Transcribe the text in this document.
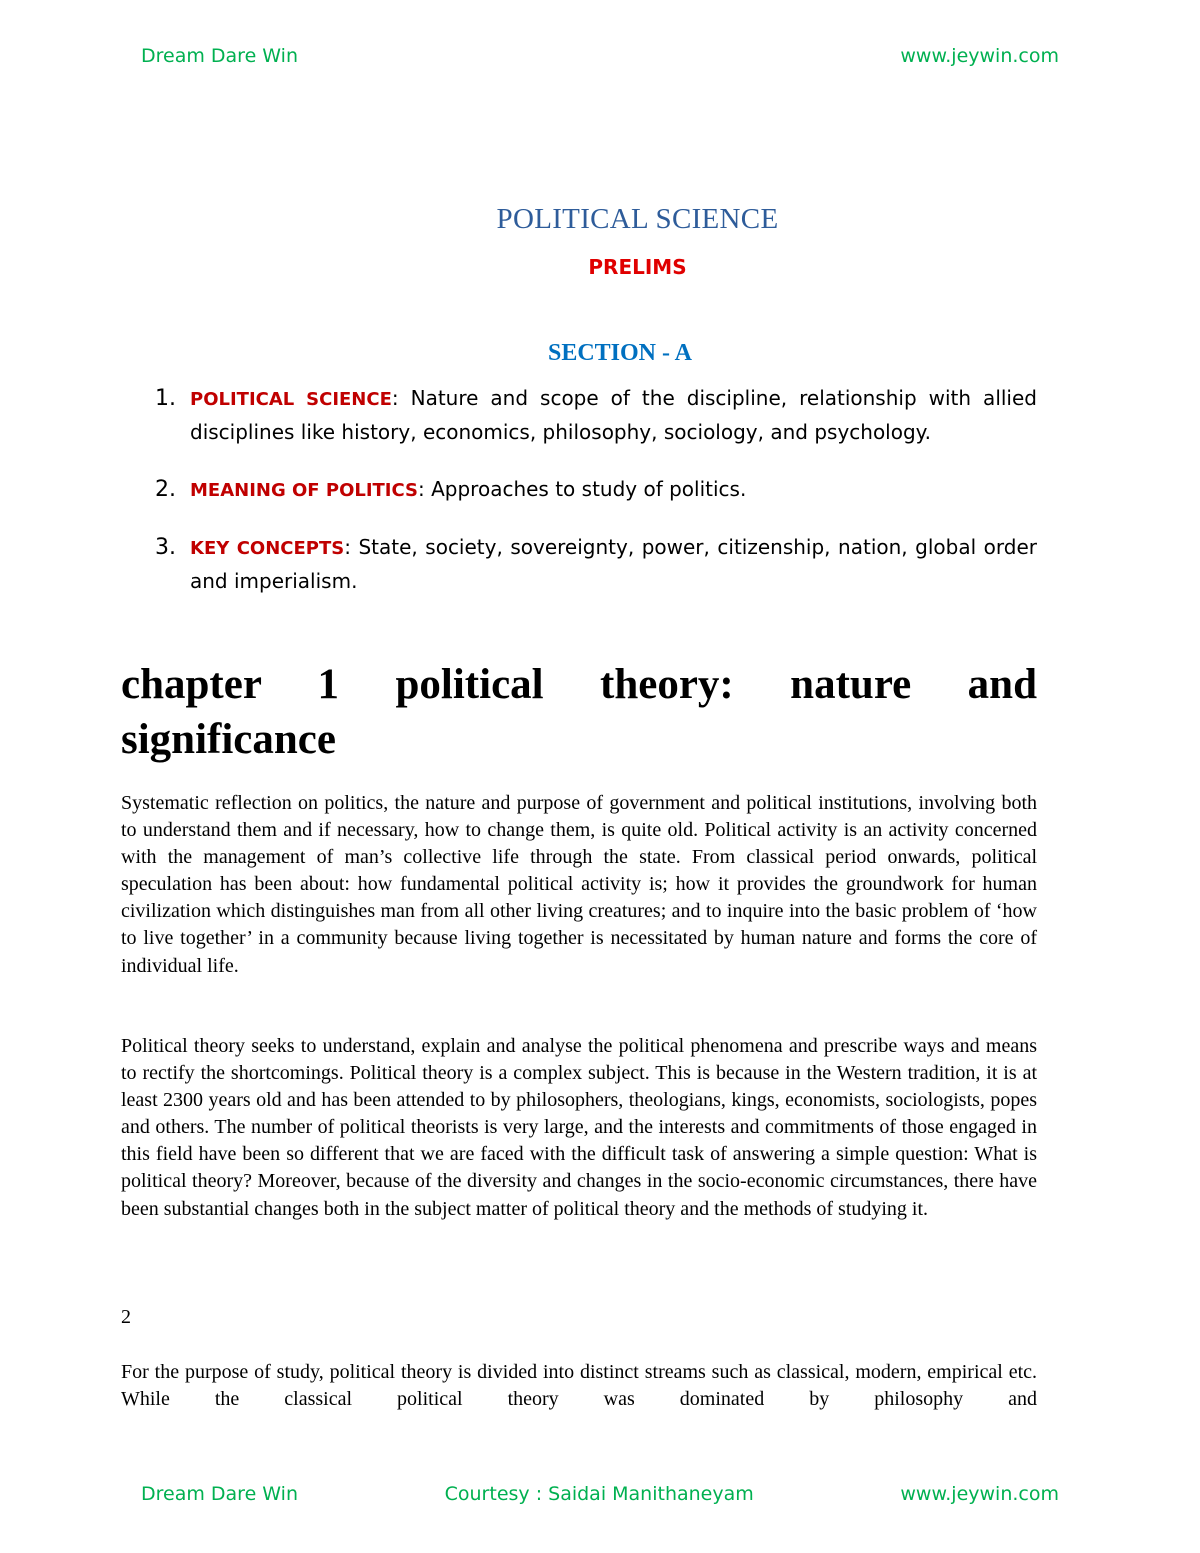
Dream Dare Win	www.jeywin.com
POLITICAL SCIENCE
PRELIMS
SECTION - A
1. POLITICAL SCIENCE: Nature and scope of the discipline, relationship with allied disciplines like history, economics, philosophy, sociology, and psychology.
2. MEANING OF POLITICS: Approaches to study of politics.
3. KEY CONCEPTS: State, society, sovereignty, power, citizenship, nation, global order and imperialism.
chapter 1 political theory: nature and
significance

Systematic reflection on politics, the nature and purpose of government and political institutions, involving both to understand them and if necessary, how to change them, is quite old. Political activity is an activity concerned with the management of man’s collective life through the state. From classical period onwards, political speculation has been about: how fundamental political activity is; how it provides the groundwork for human civilization which distinguishes man from all other living creatures; and to inquire into the basic problem of ‘how to live together’ in a community because living together is necessitated by human nature and forms the core of individual life.

Political theory seeks to understand, explain and analyse the political phenomena and prescribe ways and means to rectify the shortcomings. Political theory is a complex subject. This is because in the Western tradition, it is at least 2300 years old and has been attended to by philosophers, theologians, kings, economists, sociologists, popes and others. The number of political theorists is very large, and the interests and commitments of those engaged in this field have been so different that we are faced with the difficult task of answering a simple question: What is political theory? Moreover, because of the diversity and changes in the socio-economic circumstances, there have been substantial changes both in the subject matter of political theory and the methods of studying it.

2

For the purpose of study, political theory is divided into distinct streams such as classical, modern, empirical etc. While the classical political theory was dominated by philosophy and

Dream Dare Win	Courtesy : Saidai Manithaneyam	www.jeywin.com
